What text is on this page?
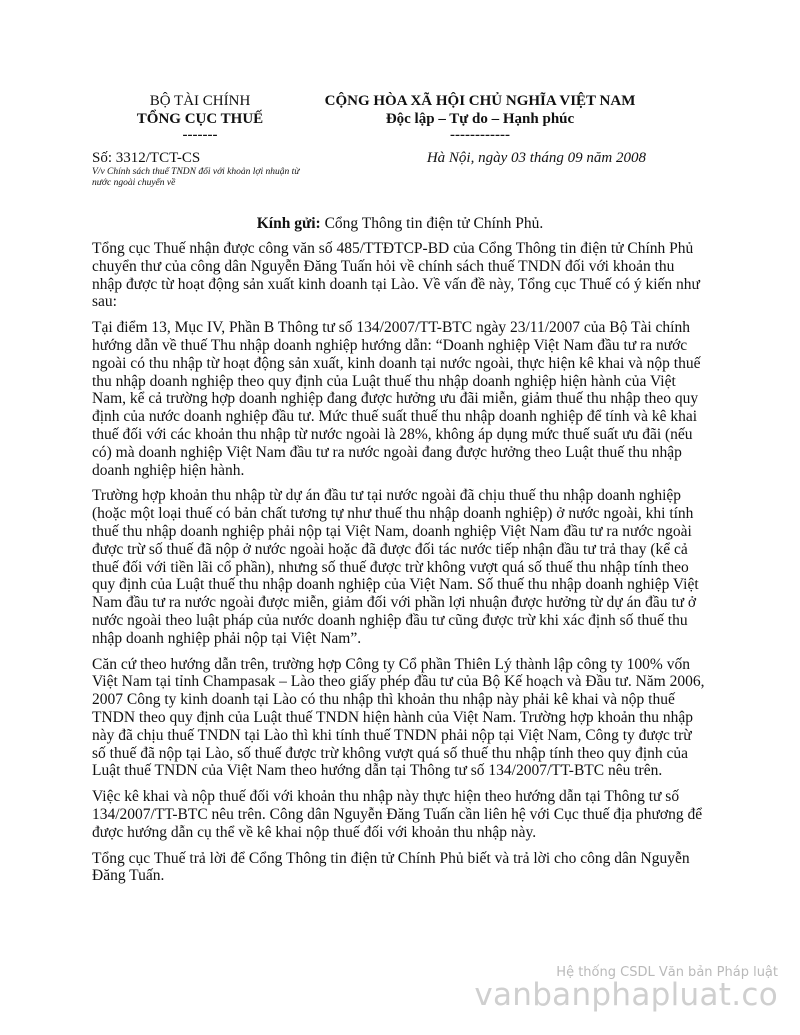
BỘ TÀI CHÍNH
TỔNG CỤC THUẾ
-------
CỘNG HÒA XÃ HỘI CHỦ NGHĨA VIỆT NAM
Độc lập – Tự do – Hạnh phúc
------------
Số: 3312/TCT-CS
V/v Chính sách thuế TNDN đối với khoản lợi nhuận từ nước ngoài chuyển về
Hà Nội, ngày 03 tháng 09 năm 2008
Kính gửi: Cổng Thông tin điện tử Chính Phủ.

Tổng cục Thuế nhận được công văn số 485/TTĐTCP-BD của Cổng Thông tin điện tử Chính Phủ chuyển thư của công dân Nguyễn Đăng Tuấn hỏi về chính sách thuế TNDN đối với khoản thu nhập được từ hoạt động sản xuất kinh doanh tại Lào. Về vấn đề này, Tổng cục Thuế có ý kiến như sau:

Tại điểm 13, Mục IV, Phần B Thông tư số 134/2007/TT-BTC ngày 23/11/2007 của Bộ Tài chính hướng dẫn về thuế Thu nhập doanh nghiệp hướng dẫn: “Doanh nghiệp Việt Nam đầu tư ra nước ngoài có thu nhập từ hoạt động sản xuất, kinh doanh tại nước ngoài, thực hiện kê khai và nộp thuế thu nhập doanh nghiệp theo quy định của Luật thuế thu nhập doanh nghiệp hiện hành của Việt Nam, kể cả trường hợp doanh nghiệp đang được hưởng ưu đãi miễn, giảm thuế thu nhập theo quy định của nước doanh nghiệp đầu tư. Mức thuế suất thuế thu nhập doanh nghiệp để tính và kê khai thuế đối với các khoản thu nhập từ nước ngoài là 28%, không áp dụng mức thuế suất ưu đãi (nếu có) mà doanh nghiệp Việt Nam đầu tư ra nước ngoài đang được hưởng theo Luật thuế thu nhập doanh nghiệp hiện hành.

Trường hợp khoản thu nhập từ dự án đầu tư tại nước ngoài đã chịu thuế thu nhập doanh nghiệp (hoặc một loại thuế có bản chất tương tự như thuế thu nhập doanh nghiệp) ở nước ngoài, khi tính thuế thu nhập doanh nghiệp phải nộp tại Việt Nam, doanh nghiệp Việt Nam đầu tư ra nước ngoài được trừ số thuế đã nộp ở nước ngoài hoặc đã được đối tác nước tiếp nhận đầu tư trả thay (kể cả thuế đối với tiền lãi cổ phần), nhưng số thuế được trừ không vượt quá số thuế thu nhập tính theo quy định của Luật thuế thu nhập doanh nghiệp của Việt Nam. Số thuế thu nhập doanh nghiệp Việt Nam đầu tư ra nước ngoài được miễn, giảm đối với phần lợi nhuận được hưởng từ dự án đầu tư ở nước ngoài theo luật pháp của nước doanh nghiệp đầu tư cũng được trừ khi xác định số thuế thu nhập doanh nghiệp phải nộp tại Việt Nam”.

Căn cứ theo hướng dẫn trên, trường hợp Công ty Cổ phần Thiên Lý thành lập công ty 100% vốn Việt Nam tại tỉnh Champasak – Lào theo giấy phép đầu tư của Bộ Kế hoạch và Đầu tư. Năm 2006, 2007 Công ty kinh doanh tại Lào có thu nhập thì khoản thu nhập này phải kê khai và nộp thuế TNDN theo quy định của Luật thuế TNDN hiện hành của Việt Nam. Trường hợp khoản thu nhập này đã chịu thuế TNDN tại Lào thì khi tính thuế TNDN phải nộp tại Việt Nam, Công ty được trừ số thuế đã nộp tại Lào, số thuế được trừ không vượt quá số thuế thu nhập tính theo quy định của Luật thuế TNDN của Việt Nam theo hướng dẫn tại Thông tư số 134/2007/TT-BTC nêu trên.

Việc kê khai và nộp thuế đối với khoản thu nhập này thực hiện theo hướng dẫn tại Thông tư số 134/2007/TT-BTC nêu trên. Công dân Nguyễn Đăng Tuấn cần liên hệ với Cục thuế địa phương để được hướng dẫn cụ thể về kê khai nộp thuế đối với khoản thu nhập này.

Tổng cục Thuế trả lời để Cổng Thông tin điện tử Chính Phủ biết và trả lời cho công dân Nguyễn Đăng Tuấn.

Hệ thống CSDL Văn bản Pháp luật
vanbanphapluat.co
